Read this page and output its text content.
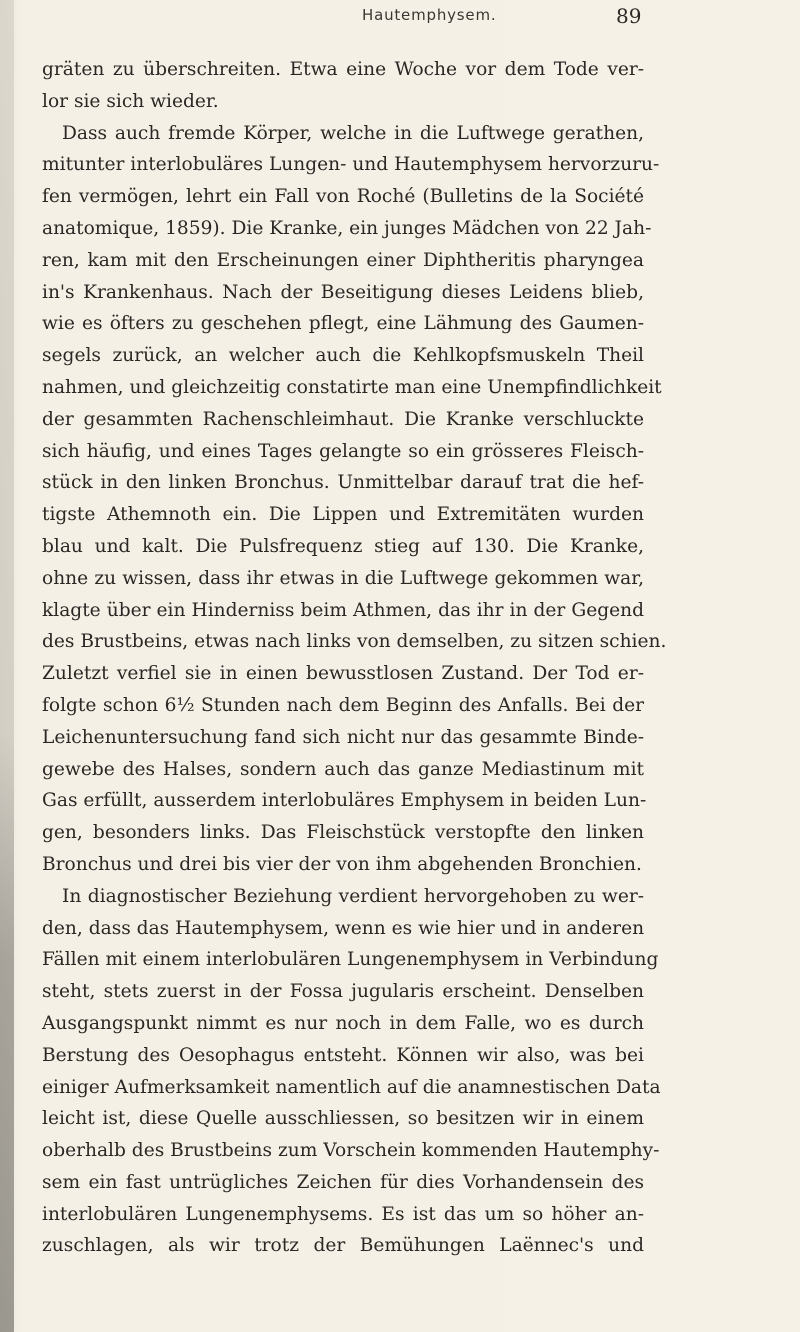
Hautemphysem.	89
gräten zu überschreiten. Etwa eine Woche vor dem Tode ver-
lor sie sich wieder.
Dass auch fremde Körper, welche in die Luftwege gerathen,
mitunter interlobuläres Lungen- und Hautemphysem hervorzuru-
fen vermögen, lehrt ein Fall von Roché (Bulletins de la Société
anatomique, 1859). Die Kranke, ein junges Mädchen von 22 Jah-
ren, kam mit den Erscheinungen einer Diphtheritis pharyngea
in's Krankenhaus. Nach der Beseitigung dieses Leidens blieb,
wie es öfters zu geschehen pflegt, eine Lähmung des Gaumen-
segels zurück, an welcher auch die Kehlkopfsmuskeln Theil
nahmen, und gleichzeitig constatirte man eine Unempfindlichkeit
der gesammten Rachenschleimhaut. Die Kranke verschluckte
sich häufig, und eines Tages gelangte so ein grösseres Fleisch-
stück in den linken Bronchus. Unmittelbar darauf trat die hef-
tigste Athemnoth ein. Die Lippen und Extremitäten wurden
blau und kalt. Die Pulsfrequenz stieg auf 130. Die Kranke,
ohne zu wissen, dass ihr etwas in die Luftwege gekommen war,
klagte über ein Hinderniss beim Athmen, das ihr in der Gegend
des Brustbeins, etwas nach links von demselben, zu sitzen schien.
Zuletzt verfiel sie in einen bewusstlosen Zustand. Der Tod er-
folgte schon 6½ Stunden nach dem Beginn des Anfalls. Bei der
Leichenuntersuchung fand sich nicht nur das gesammte Binde-
gewebe des Halses, sondern auch das ganze Mediastinum mit
Gas erfüllt, ausserdem interlobuläres Emphysem in beiden Lun-
gen, besonders links. Das Fleischstück verstopfte den linken
Bronchus und drei bis vier der von ihm abgehenden Bronchien.
In diagnostischer Beziehung verdient hervorgehoben zu wer-
den, dass das Hautemphysem, wenn es wie hier und in anderen
Fällen mit einem interlobulären Lungenemphysem in Verbindung
steht, stets zuerst in der Fossa jugularis erscheint. Denselben
Ausgangspunkt nimmt es nur noch in dem Falle, wo es durch
Berstung des Oesophagus entsteht. Können wir also, was bei
einiger Aufmerksamkeit namentlich auf die anamnestischen Data
leicht ist, diese Quelle ausschliessen, so besitzen wir in einem
oberhalb des Brustbeins zum Vorschein kommenden Hautemphy-
sem ein fast untrügliches Zeichen für dies Vorhandensein des
interlobulären Lungenemphysems. Es ist das um so höher an-
zuschlagen, als wir trotz der Bemühungen Laënnec's und
